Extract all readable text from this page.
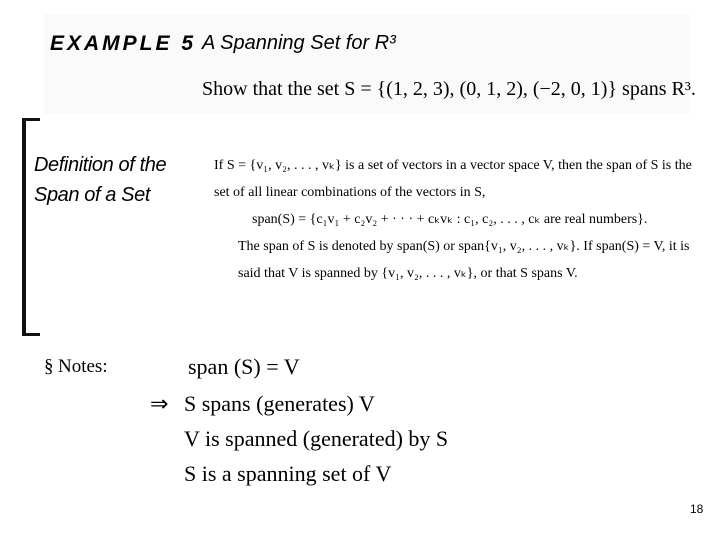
EXAMPLE 5 A Spanning Set for R³
Show that the set S = {(1, 2, 3), (0, 1, 2), (−2, 0, 1)} spans R³.
Definition of the Span of a Set

If S = {v₁, v₂, . . . , vₖ} is a set of vectors in a vector space V, then the span of S is the set of all linear combinations of the vectors in S,

span(S) = {c₁v₁ + c₂v₂ + · · · + cₖvₖ : c₁, c₂, . . . , cₖ are real numbers}.

The span of S is denoted by span(S) or span{v₁, v₂, . . . , vₖ}. If span(S) = V, it is said that V is spanned by {v₁, v₂, . . . , vₖ}, or that S spans V.

§ Notes:	span (S) = V
⇒ S spans (generates) V
V is spanned (generated) by S
S is a spanning set of V
18
